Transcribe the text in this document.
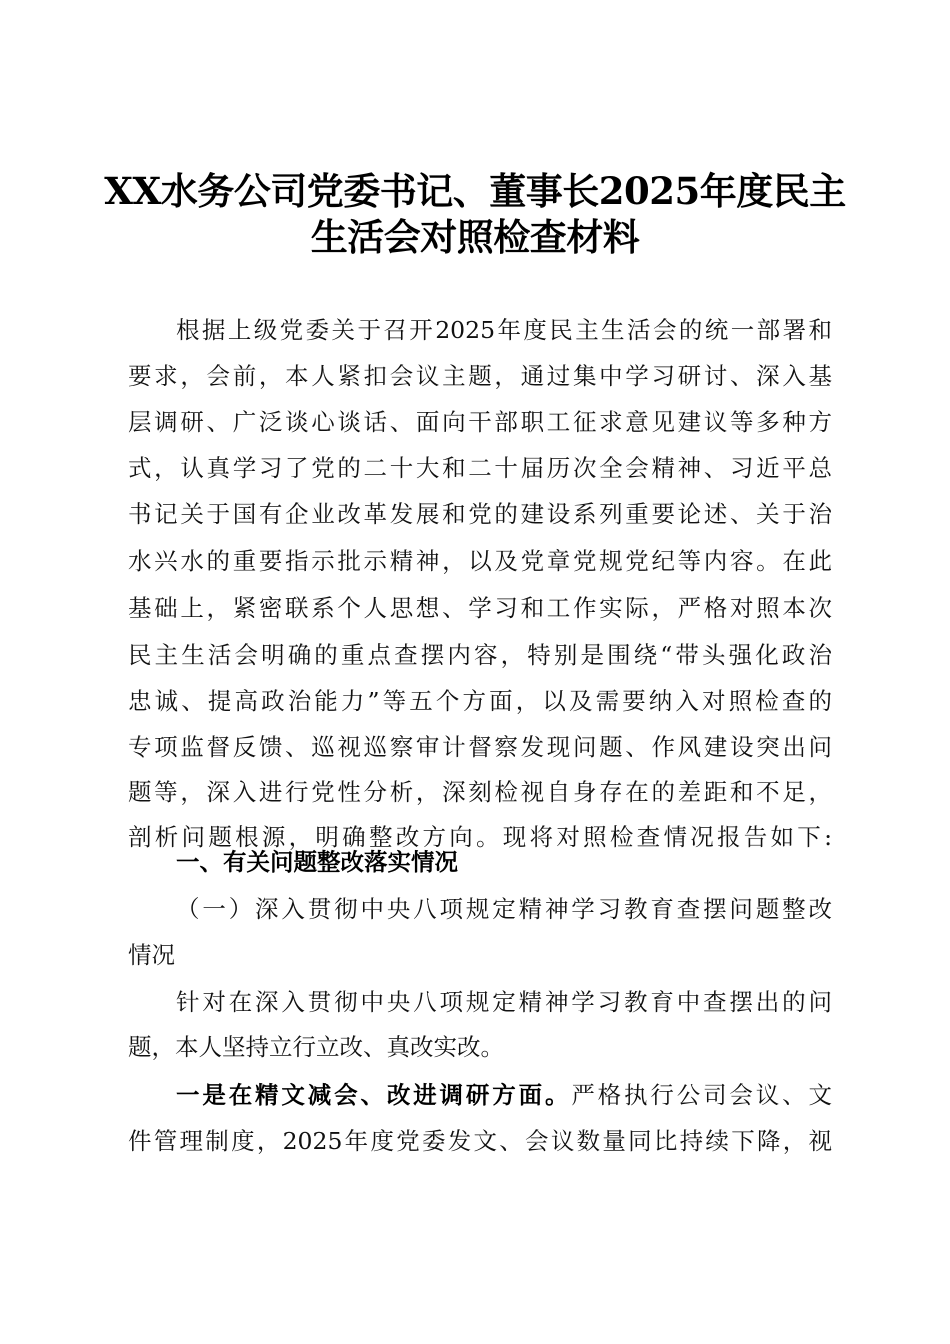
XX水务公司党委书记、董事长2025年度民主
生活会对照检查材料
根据上级党委关于召开2025年度民主生活会的统一部署和
要求，会前，本人紧扣会议主题，通过集中学习研讨、深入基
层调研、广泛谈心谈话、面向干部职工征求意见建议等多种方
式，认真学习了党的二十大和二十届历次全会精神、习近平总
书记关于国有企业改革发展和党的建设系列重要论述、关于治
水兴水的重要指示批示精神，以及党章党规党纪等内容。在此
基础上，紧密联系个人思想、学习和工作实际，严格对照本次
民主生活会明确的重点查摆内容，特别是围绕“带头强化政治
忠诚、提高政治能力”等五个方面，以及需要纳入对照检查的
专项监督反馈、巡视巡察审计督察发现问题、作风建设突出问
题等，深入进行党性分析，深刻检视自身存在的差距和不足，
剖析问题根源，明确整改方向。现将对照检查情况报告如下:
一、有关问题整改落实情况
（一）深入贯彻中央八项规定精神学习教育查摆问题整改
情况
针对在深入贯彻中央八项规定精神学习教育中查摆出的问
题，本人坚持立行立改、真改实改。
一是在精文减会、改进调研方面。严格执行公司会议、文
件管理制度，2025年度党委发文、会议数量同比持续下降，视
